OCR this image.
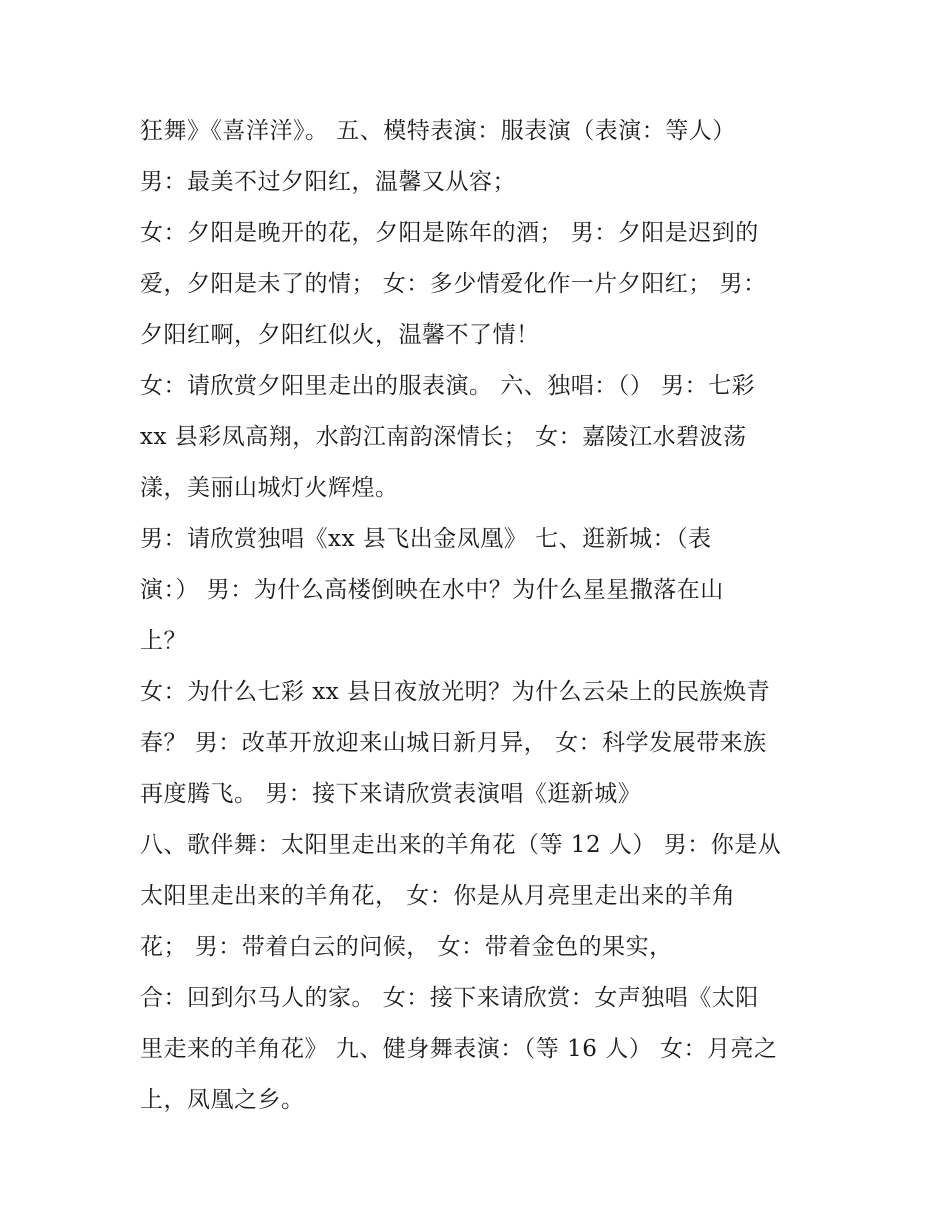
狂舞》《喜洋洋》。 五、模特表演：服表演（表演：等人）
男：最美不过夕阳红，温馨又从容；
女：夕阳是晚开的花，夕阳是陈年的酒； 男：夕阳是迟到的
爱，夕阳是未了的情； 女：多少情爱化作一片夕阳红； 男：
夕阳红啊，夕阳红似火，温馨不了情！
女：请欣赏夕阳里走出的服表演。 六、独唱：（） 男：七彩
xx 县彩凤高翔，水韵江南韵深情长； 女：嘉陵江水碧波荡
漾，美丽山城灯火辉煌。
男：请欣赏独唱《xx 县飞出金凤凰》 七、逛新城：（表
演：） 男：为什么高楼倒映在水中？为什么星星撒落在山
上？
女：为什么七彩 xx 县日夜放光明？为什么云朵上的民族焕青
春？ 男：改革开放迎来山城日新月异， 女：科学发展带来族
再度腾飞。 男：接下来请欣赏表演唱《逛新城》
八、歌伴舞：太阳里走出来的羊角花（等 12 人） 男：你是从
太阳里走出来的羊角花， 女：你是从月亮里走出来的羊角
花； 男：带着白云的问候， 女：带着金色的果实，
合：回到尔马人的家。 女：接下来请欣赏：女声独唱《太阳
里走来的羊角花》 九、健身舞表演：（等 16 人） 女：月亮之
上，凤凰之乡。
